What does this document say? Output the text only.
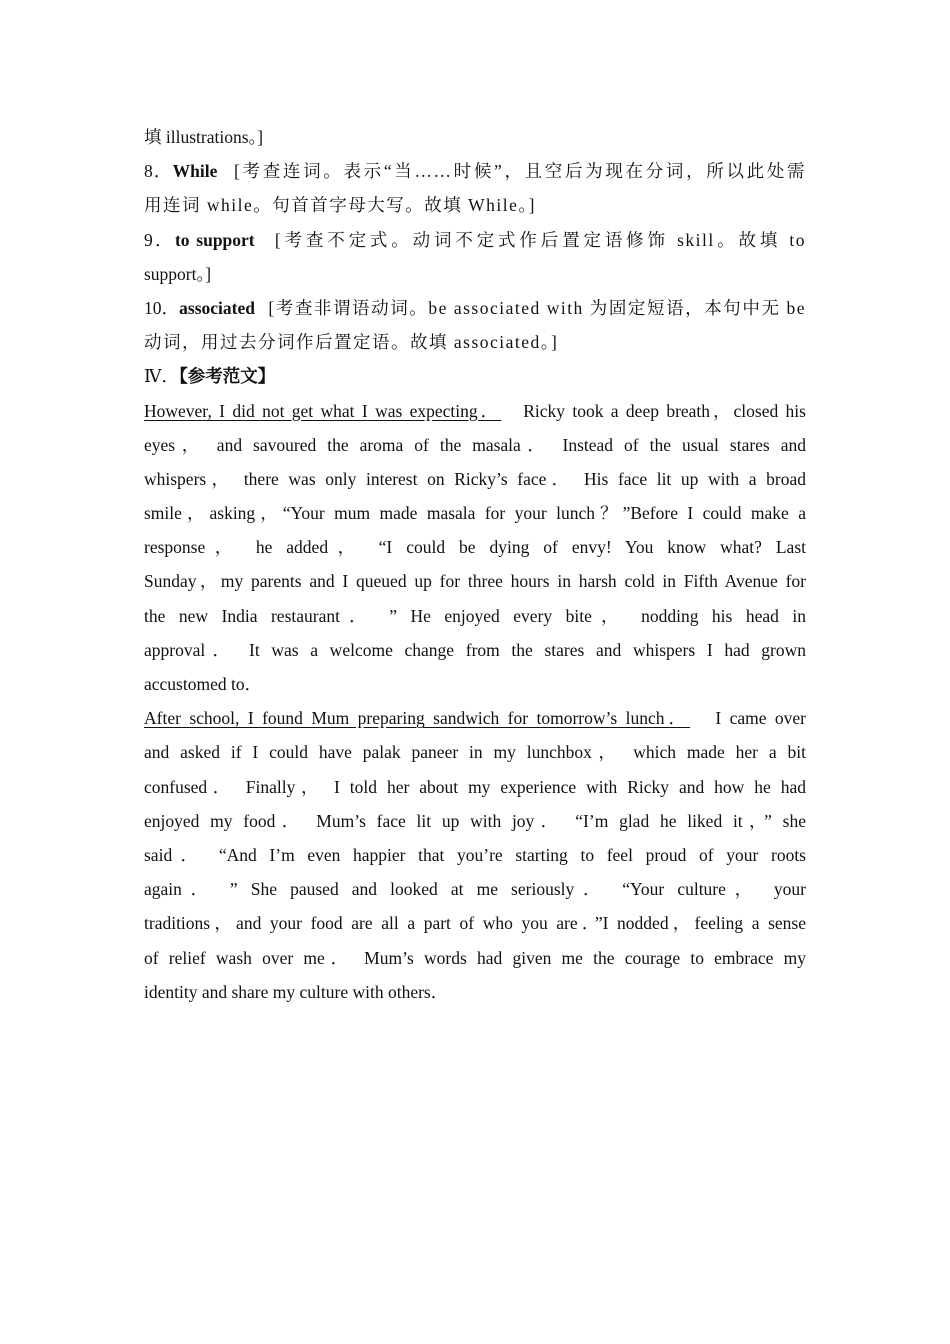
填 illustrations。]
8．While [考查连词。表示“当……时候”，且空后为现在分词，所以此处需
用连词 while。句首首字母大写。故填 While。]
9．to support [考查不定式。动词不定式作后置定语修饰 skill。故填 to
support。]
10．associated [考查非谓语动词。be associated with 为固定短语，本句中无 be
动词，用过去分词作后置定语。故填 associated。]
Ⅳ．【参考范文】
However, I did not get what I was expecting． Ricky took a deep breath，closed his
eyes， and savoured the aroma of the masala． Instead of the usual stares and
whispers， there was only interest on Ricky’s face． His face lit up with a broad
smile，asking，“Your mum made masala for your lunch？”Before I could make a
response， he added， “I could be dying of envy! You know what? Last
Sunday，my parents and I queued up for three hours in harsh cold in Fifth Avenue for
the new India restaurant． ” He enjoyed every bite， nodding his head in
approval． It was a welcome change from the stares and whispers I had grown
accustomed to．
After school, I found Mum preparing sandwich for tomorrow’s lunch． I came over
and asked if I could have palak paneer in my lunchbox， which made her a bit
confused． Finally， I told her about my experience with Ricky and how he had
enjoyed my food． Mum’s face lit up with joy． “I’m glad he liked it，” she
said． “And I’m even happier that you’re starting to feel proud of your roots
again． ” She paused and looked at me seriously． “Your culture， your
traditions，and your food are all a part of who you are．”I nodded，feeling a sense
of relief wash over me． Mum’s words had given me the courage to embrace my
identity and share my culture with others．
